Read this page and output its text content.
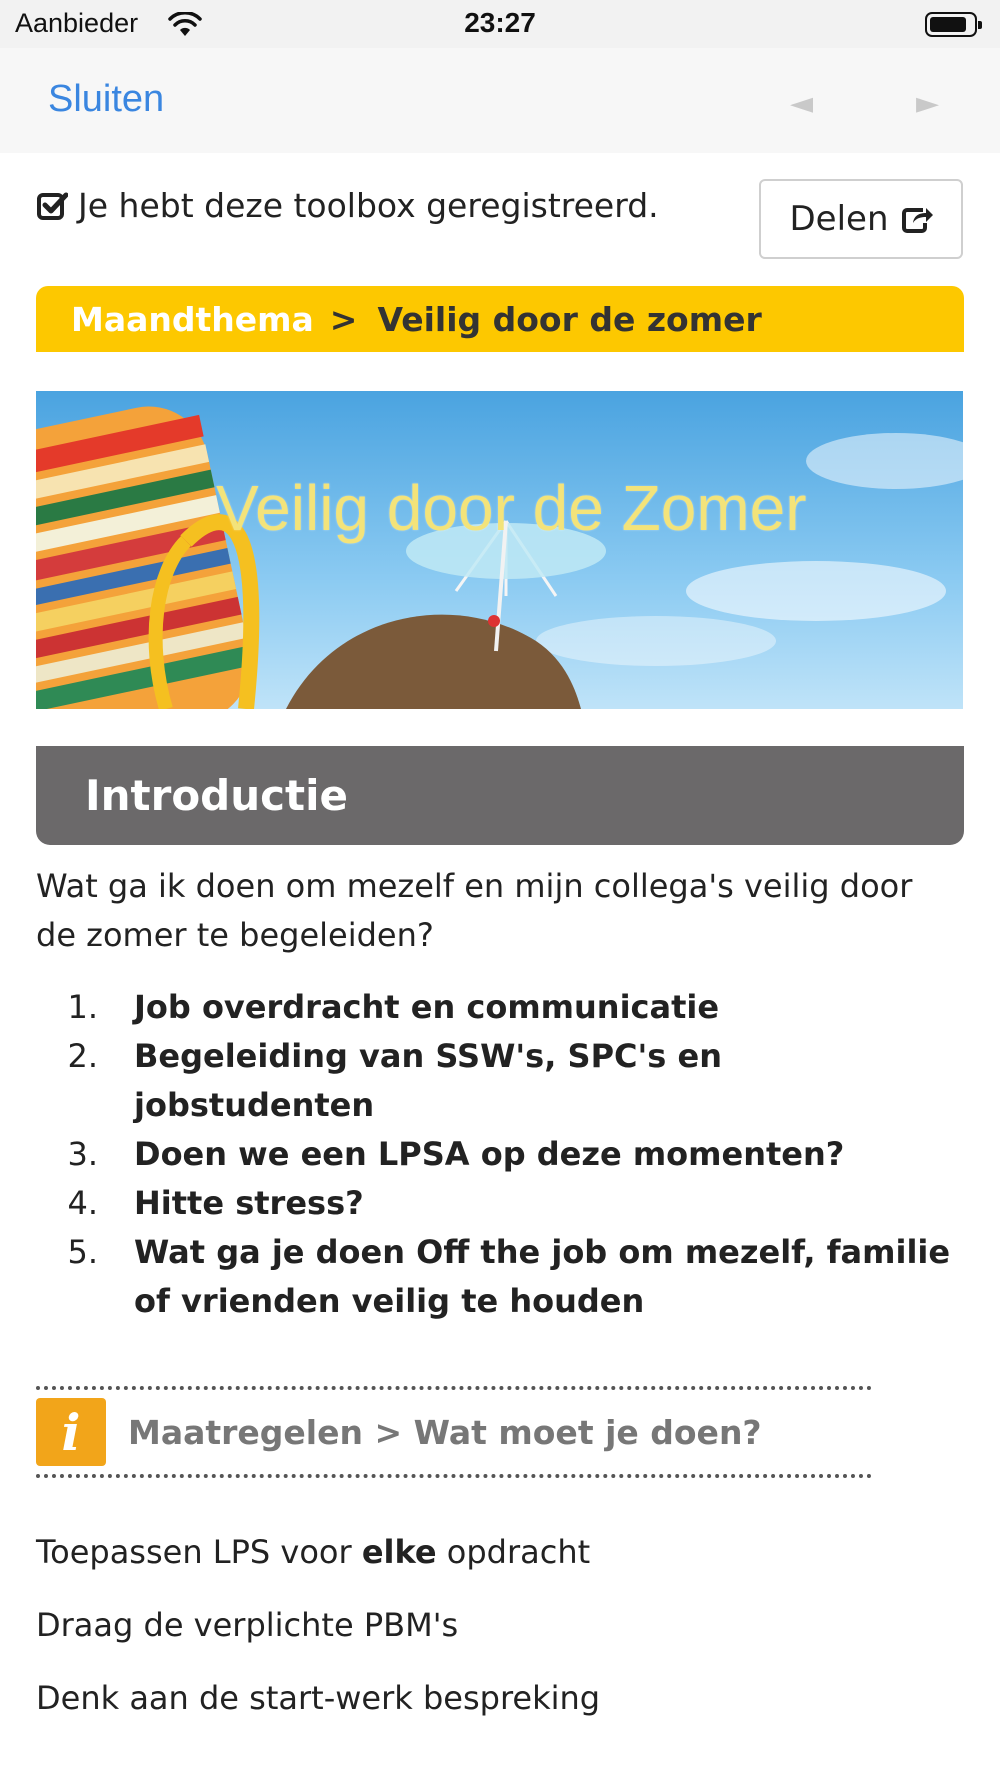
Aanbieder	23:27
Sluiten	◄	►
Je hebt deze toolbox geregistreerd.	Delen
Maandthema > Veilig door de zomer
Veilig door de Zomer
Introductie

Wat ga ik doen om mezelf en mijn collega's veilig door de zomer te begeleiden?

1.	Job overdracht en communicatie
2.	Begeleiding van SSW's, SPC's en jobstudenten
3.	Doen we een LPSA op deze momenten?
4.	Hitte stress?
5.	Wat ga je doen Off the job om mezelf, familie of vrienden veilig te houden
i	Maatregelen > Wat moet je doen?
Toepassen LPS voor elke opdracht
Draag de verplichte PBM's
Denk aan de start-werk bespreking
